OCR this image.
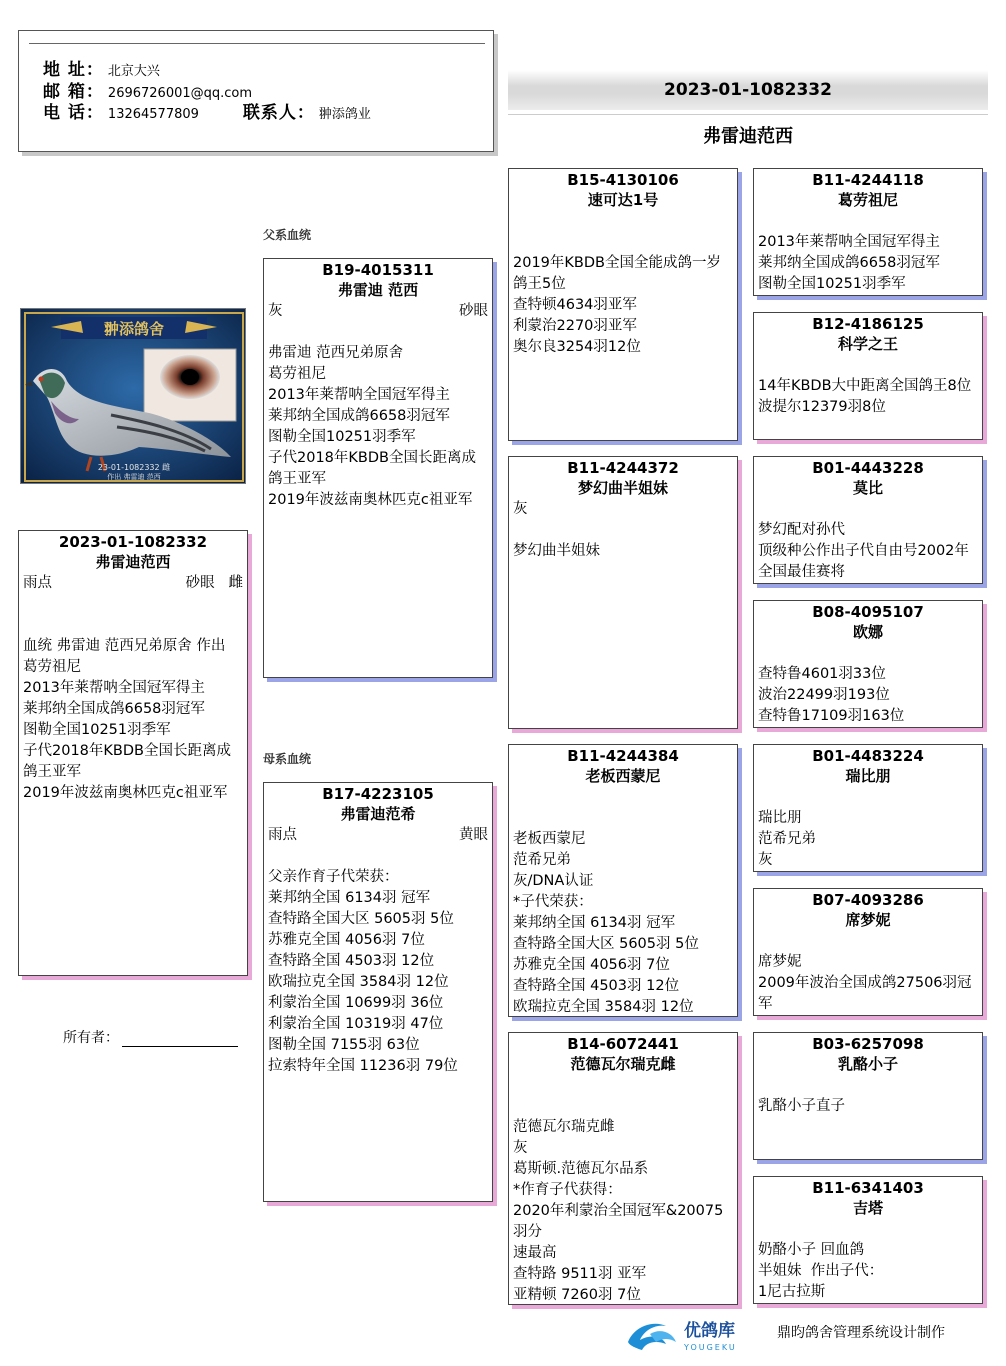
地 址： 北京大兴
邮 箱： 2696726001@qq.com
电 话： 13264577809	联系人： 翀添鸽业
2023-01-1082332
弗雷迪范西
父系血统
母系血统
翀添鸽舍
23-01-1082332 雌
作出 弗雷迪 范西
2023-01-1082332
弗雷迪范西
雨点	砂眼 雌

血统 弗雷迪 范西兄弟原舍 作出
葛劳祖尼
2013年莱帮呐全国冠军得主
莱邦纳全国成鸽6658羽冠军
图勒全国10251羽季军
子代2018年KBDB全国长距离成鸽王亚军
2019年波兹南奥林匹克c祖亚军
所有者：
B19-4015311
弗雷迪 范西
灰	砂眼

弗雷迪 范西兄弟原舍
葛劳祖尼
2013年莱帮呐全国冠军得主
莱邦纳全国成鸽6658羽冠军
图勒全国10251羽季军
子代2018年KBDB全国长距离成鸽王亚军
2019年波兹南奥林匹克c祖亚军
B17-4223105
弗雷迪范希
雨点	黄眼

父亲作育子代荣获：
莱邦纳全国 6134羽 冠军
查特路全国大区 5605羽 5位
苏雅克全国 4056羽 7位
查特路全国 4503羽 12位
欧瑞拉克全国 3584羽 12位
利蒙治全国 10699羽 36位
利蒙治全国 10319羽 47位
图勒全国 7155羽 63位
拉索特年全国 11236羽 79位
B15-4130106
速可达1号

2019年KBDB全国全能成鸽一岁鸽王5位
查特顿4634羽亚军
利蒙治2270羽亚军
奥尔良3254羽12位
B11-4244372
梦幻曲半姐妹
灰

梦幻曲半姐妹
B11-4244384
老板西蒙尼

老板西蒙尼
范希兄弟
灰/DNA认证
*子代荣获：
莱邦纳全国 6134羽 冠军
查特路全国大区 5605羽 5位
苏雅克全国 4056羽 7位
查特路全国 4503羽 12位
欧瑞拉克全国 3584羽 12位
B14-6072441
范德瓦尔瑞克雌

范德瓦尔瑞克雌
灰
葛斯顿.范德瓦尔品系
*作育子代获得：
2020年利蒙治全国冠军&20075羽分
速最高
查特路 9511羽 亚军
亚精顿 7260羽 7位
B11-4244118
葛劳祖尼

2013年莱帮呐全国冠军得主
莱邦纳全国成鸽6658羽冠军
图勒全国10251羽季军
B12-4186125
科学之王

14年KBDB大中距离全国鸽王8位
波提尔12379羽8位
B01-4443228
莫比

梦幻配对孙代
顶级种公作出子代自由号2002年全国最佳赛将
B08-4095107
欧娜

查特鲁4601羽33位
波治22499羽193位
查特鲁17109羽163位
B01-4483224
瑞比朋

瑞比朋
范希兄弟
灰
B07-4093286
席梦妮

席梦妮
2009年波治全国成鸽27506羽冠军
B03-6257098
乳酪小子

乳酪小子直子
B11-6341403
吉塔

奶酪小子 回血鸽
半姐妹  作出子代：
1尼古拉斯
优鸽库
YOUGEKU
鼎昀鸽舍管理系统设计制作
